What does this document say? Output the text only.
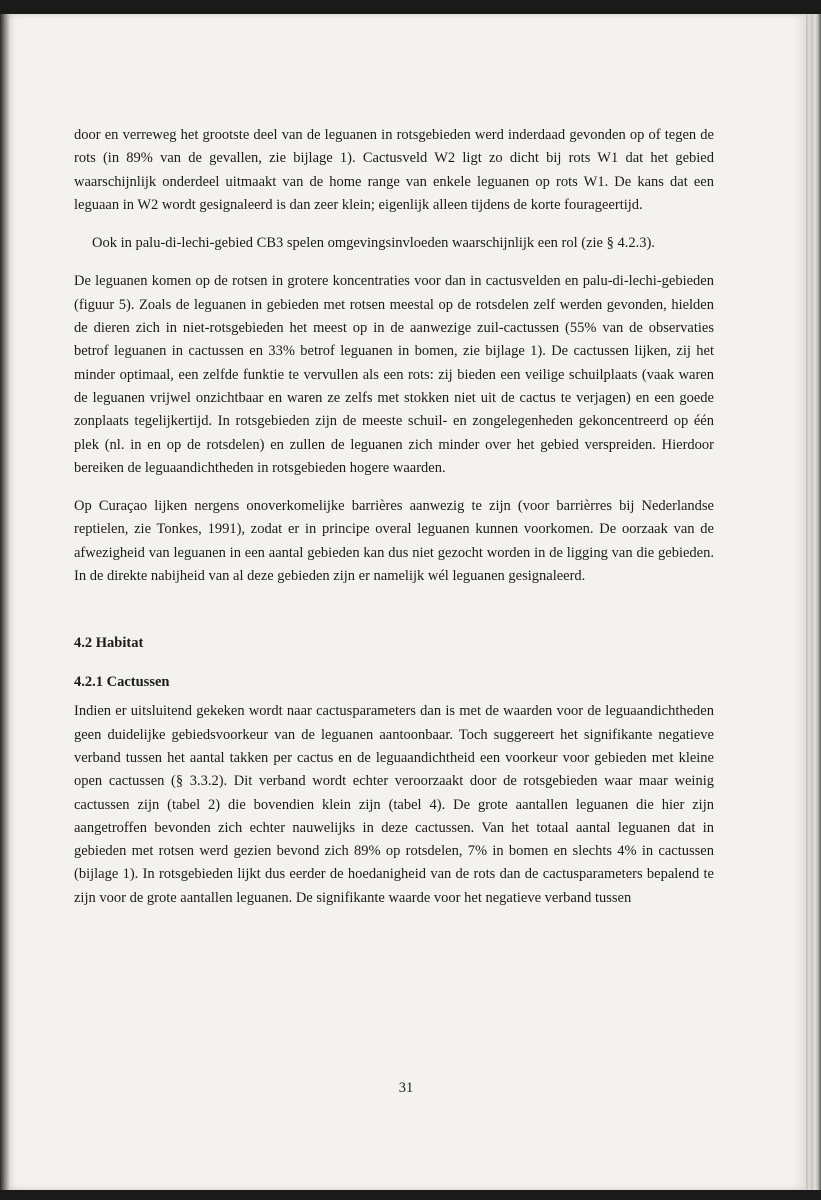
31

door en verreweg het grootste deel van de leguanen in rotsgebieden werd inderdaad gevonden op of tegen de rots (in 89% van de gevallen, zie bijlage 1). Cactusveld W2 ligt zo dicht bij rots W1 dat het gebied waarschijnlijk onderdeel uitmaakt van de home range van enkele leguanen op rots W1. De kans dat een leguaan in W2 wordt gesignaleerd is dan zeer klein; eigenlijk alleen tijdens de korte fourageertijd.

Ook in palu-di-lechi-gebied CB3 spelen omgevingsinvloeden waarschijnlijk een rol (zie § 4.2.3).

De leguanen komen op de rotsen in grotere koncentraties voor dan in cactusvelden en palu-di-lechi-gebieden (figuur 5). Zoals de leguanen in gebieden met rotsen meestal op de rotsdelen zelf werden gevonden, hielden de dieren zich in niet-rotsgebieden het meest op in de aanwezige zuil-cactussen (55% van de observaties betrof leguanen in cactussen en 33% betrof leguanen in bomen, zie bijlage 1). De cactussen lijken, zij het minder optimaal, een zelfde funktie te vervullen als een rots: zij bieden een veilige schuilplaats (vaak waren de leguanen vrijwel onzichtbaar en waren ze zelfs met stokken niet uit de cactus te verjagen) en een goede zonplaats tegelijkertijd. In rotsgebieden zijn de meeste schuil- en zongelegenheden gekoncentreerd op één plek (nl. in en op de rotsdelen) en zullen de leguanen zich minder over het gebied verspreiden. Hierdoor bereiken de leguaandichtheden in rotsgebieden hogere waarden.

Op Curaçao lijken nergens onoverkomelijke barrières aanwezig te zijn (voor barrièrres bij Nederlandse reptielen, zie Tonkes, 1991), zodat er in principe overal leguanen kunnen voorkomen. De oorzaak van de afwezigheid van leguanen in een aantal gebieden kan dus niet gezocht worden in de ligging van die gebieden. In de direkte nabijheid van al deze gebieden zijn er namelijk wél leguanen gesignaleerd.

4.2 Habitat
4.2.1 Cactussen

Indien er uitsluitend gekeken wordt naar cactusparameters dan is met de waarden voor de leguaandichtheden geen duidelijke gebiedsvoorkeur van de leguanen aantoonbaar. Toch suggereert het signifikante negatieve verband tussen het aantal takken per cactus en de leguaandichtheid een voorkeur voor gebieden met kleine open cactussen (§ 3.3.2). Dit verband wordt echter veroorzaakt door de rotsgebieden waar maar weinig cactussen zijn (tabel 2) die bovendien klein zijn (tabel 4). De grote aantallen leguanen die hier zijn aangetroffen bevonden zich echter nauwelijks in deze cactussen. Van het totaal aantal leguanen dat in gebieden met rotsen werd gezien bevond zich 89% op rotsdelen, 7% in bomen en slechts 4% in cactussen (bijlage 1). In rotsgebieden lijkt dus eerder de hoedanigheid van de rots dan de cactusparameters bepalend te zijn voor de grote aantallen leguanen. De signifikante waarde voor het negatieve verband tussen
